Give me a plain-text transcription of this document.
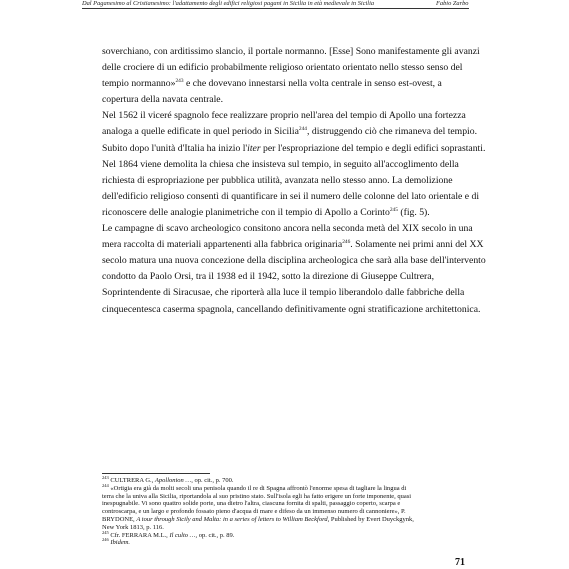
Dal Paganesimo al Cristianesimo: l'adattamento degli edifici religiosi pagani in Sicilia in età medievale in Sicilia	Fabio Zarbo

soverchiano, con arditissimo slancio, il portale normanno. [Esse] Sono manifestamente gli avanzi

delle crociere di un edificio probabilmente religioso orientato orientato nello stesso senso del

tempio normanno»$^{243}$ e che dovevano innestarsi nella volta centrale in senso est-ovest, a

copertura della navata centrale.

Nel 1562 il viceré spagnolo fece realizzare proprio nell'area del tempio di Apollo una fortezza

analoga a quelle edificate in quel periodo in Sicilia$^{244}$, distruggendo ciò che rimaneva del tempio.

Subito dopo l'unità d'Italia ha inizio l'iter per l'espropriazione del tempio e degli edifici soprastanti.

Nel 1864 viene demolita la chiesa che insisteva sul tempio, in seguito all'accoglimento della

richiesta di espropriazione per pubblica utilità, avanzata nello stesso anno. La demolizione

dell'edificio religioso consentì di quantificare in sei il numero delle colonne del lato orientale e di

riconoscere delle analogie planimetriche con il tempio di Apollo a Corinto$^{245}$ (fig. 5).

Le campagne di scavo archeologico consitono ancora nella seconda metà del XIX secolo in una

mera raccolta di materiali appartenenti alla fabbrica originaria$^{246}$. Solamente nei primi anni del XX

secolo matura una nuova concezione della disciplina archeologica che sarà alla base dell'intervento

condotto da Paolo Orsi, tra il 1938 ed il 1942, sotto la direzione di Giuseppe Cultrera,

Soprintendente di Siracusae, che riporterà alla luce il tempio liberandolo dalle fabbriche della

cinquecentesca caserma spagnola, cancellando definitivamente ogni stratificazione architettonica.

$^{243}$ CULTRERA G., Apollonion …, op. cit., p. 700.

$^{244}$ «Ortigia era già da molti secoli una penisola quando il re di Spagna affrontò l'enorme spesa di tagliare la lingua di

terra che la univa alla Sicilia, riportandola al suo pristino stato. Sull'isola egli ha fatto erigere un forte imponente, quasi

inespugnabile. Vi sono quattro solide porte, una dietro l'altra, ciascuna fornita di spalti, passaggio coperto, scarpa e

controscarpa, e un largo e profondo fossato pieno d'acqua di mare e difeso da un immenso numero di cannoniere», P.

BRYDONE, A tour through Sicily and Malta: in a series of letters to William Beckford, Published by Evert Duyckgynk,

New York 1813, p. 116.

$^{245}$ Cfr. FERRARA M.L., Il culto …, op. cit., p. 89.

$^{246}$ Ibidem.

71
